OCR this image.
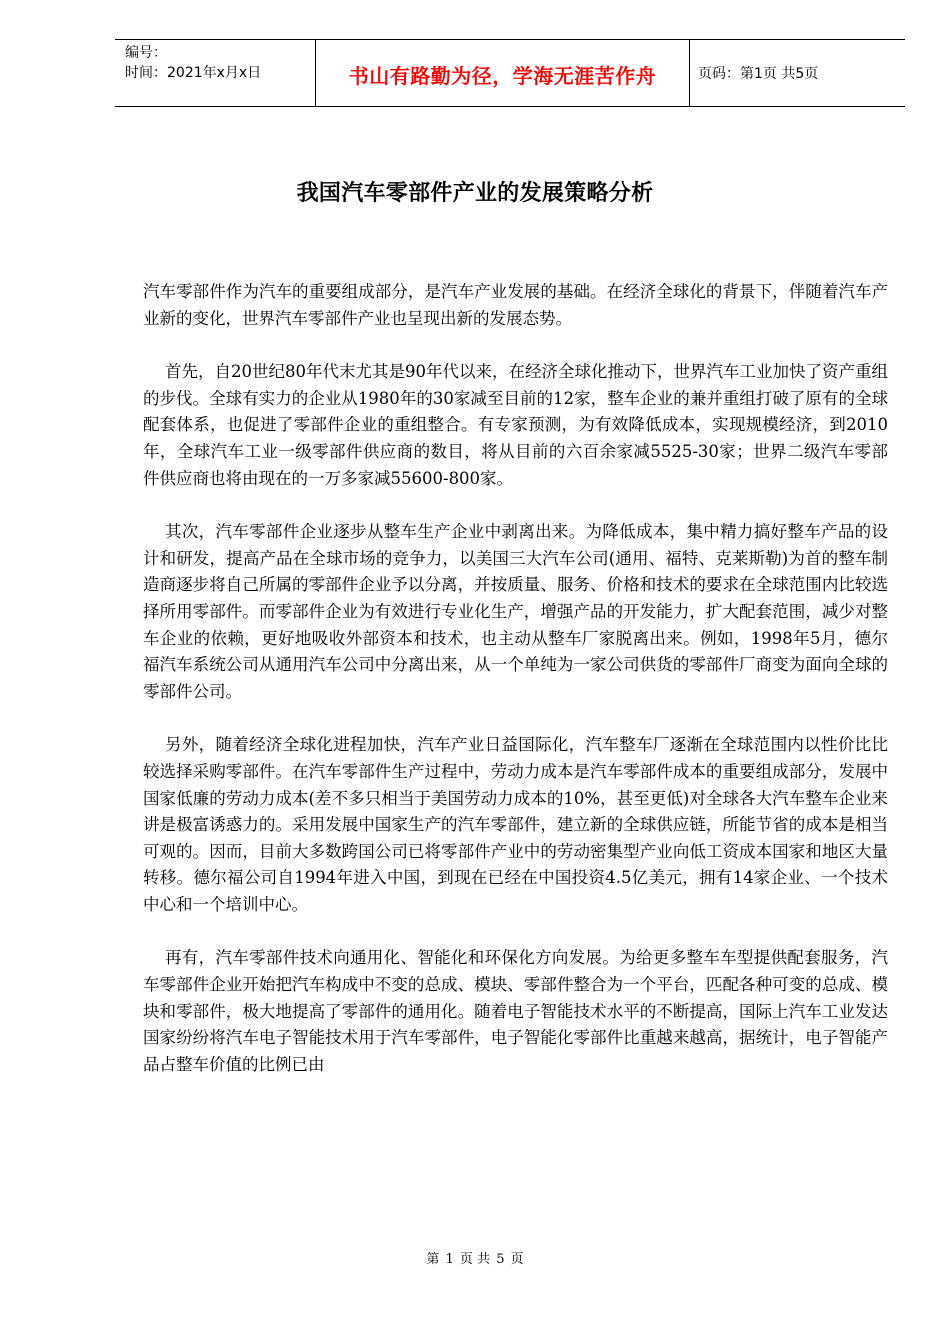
编号：
时间：2021年x月x日	书山有路勤为径，学海无涯苦作舟	页码：第1页 共5页
我国汽车零部件产业的发展策略分析

汽车零部件作为汽车的重要组成部分，是汽车产业发展的基础。在经济全球化的背景下，伴随着汽车产业新的变化，世界汽车零部件产业也呈现出新的发展态势。

首先，自20世纪80年代末尤其是90年代以来，在经济全球化推动下，世界汽车工业加快了资产重组的步伐。全球有实力的企业从1980年的30家减至目前的12家，整车企业的兼并重组打破了原有的全球配套体系，也促进了零部件企业的重组整合。有专家预测，为有效降低成本，实现规模经济，到2010年，全球汽车工业一级零部件供应商的数目，将从目前的六百余家减5525-30家；世界二级汽车零部件供应商也将由现在的一万多家减55600-800家。

其次，汽车零部件企业逐步从整车生产企业中剥离出来。为降低成本，集中精力搞好整车产品的设计和研发，提高产品在全球市场的竞争力，以美国三大汽车公司(通用、福特、克莱斯勒)为首的整车制造商逐步将自己所属的零部件企业予以分离，并按质量、服务、价格和技术的要求在全球范围内比较选择所用零部件。而零部件企业为有效进行专业化生产，增强产品的开发能力，扩大配套范围，减少对整车企业的依赖，更好地吸收外部资本和技术，也主动从整车厂家脱离出来。例如，1998年5月，德尔福汽车系统公司从通用汽车公司中分离出来，从一个单纯为一家公司供货的零部件厂商变为面向全球的零部件公司。

另外，随着经济全球化进程加快，汽车产业日益国际化，汽车整车厂逐渐在全球范围内以性价比比较选择采购零部件。在汽车零部件生产过程中，劳动力成本是汽车零部件成本的重要组成部分，发展中国家低廉的劳动力成本(差不多只相当于美国劳动力成本的10%，甚至更低)对全球各大汽车整车企业来讲是极富诱惑力的。采用发展中国家生产的汽车零部件，建立新的全球供应链，所能节省的成本是相当可观的。因而，目前大多数跨国公司已将零部件产业中的劳动密集型产业向低工资成本国家和地区大量转移。德尔福公司自1994年进入中国，到现在已经在中国投资4.5亿美元，拥有14家企业、一个技术中心和一个培训中心。

再有，汽车零部件技术向通用化、智能化和环保化方向发展。为给更多整车车型提供配套服务，汽车零部件企业开始把汽车构成中不变的总成、模块、零部件整合为一个平台，匹配各种可变的总成、模块和零部件，极大地提高了零部件的通用化。随着电子智能技术水平的不断提高，国际上汽车工业发达国家纷纷将汽车电子智能技术用于汽车零部件，电子智能化零部件比重越来越高，据统计，电子智能产品占整车价值的比例已由

第 1 页 共 5 页
